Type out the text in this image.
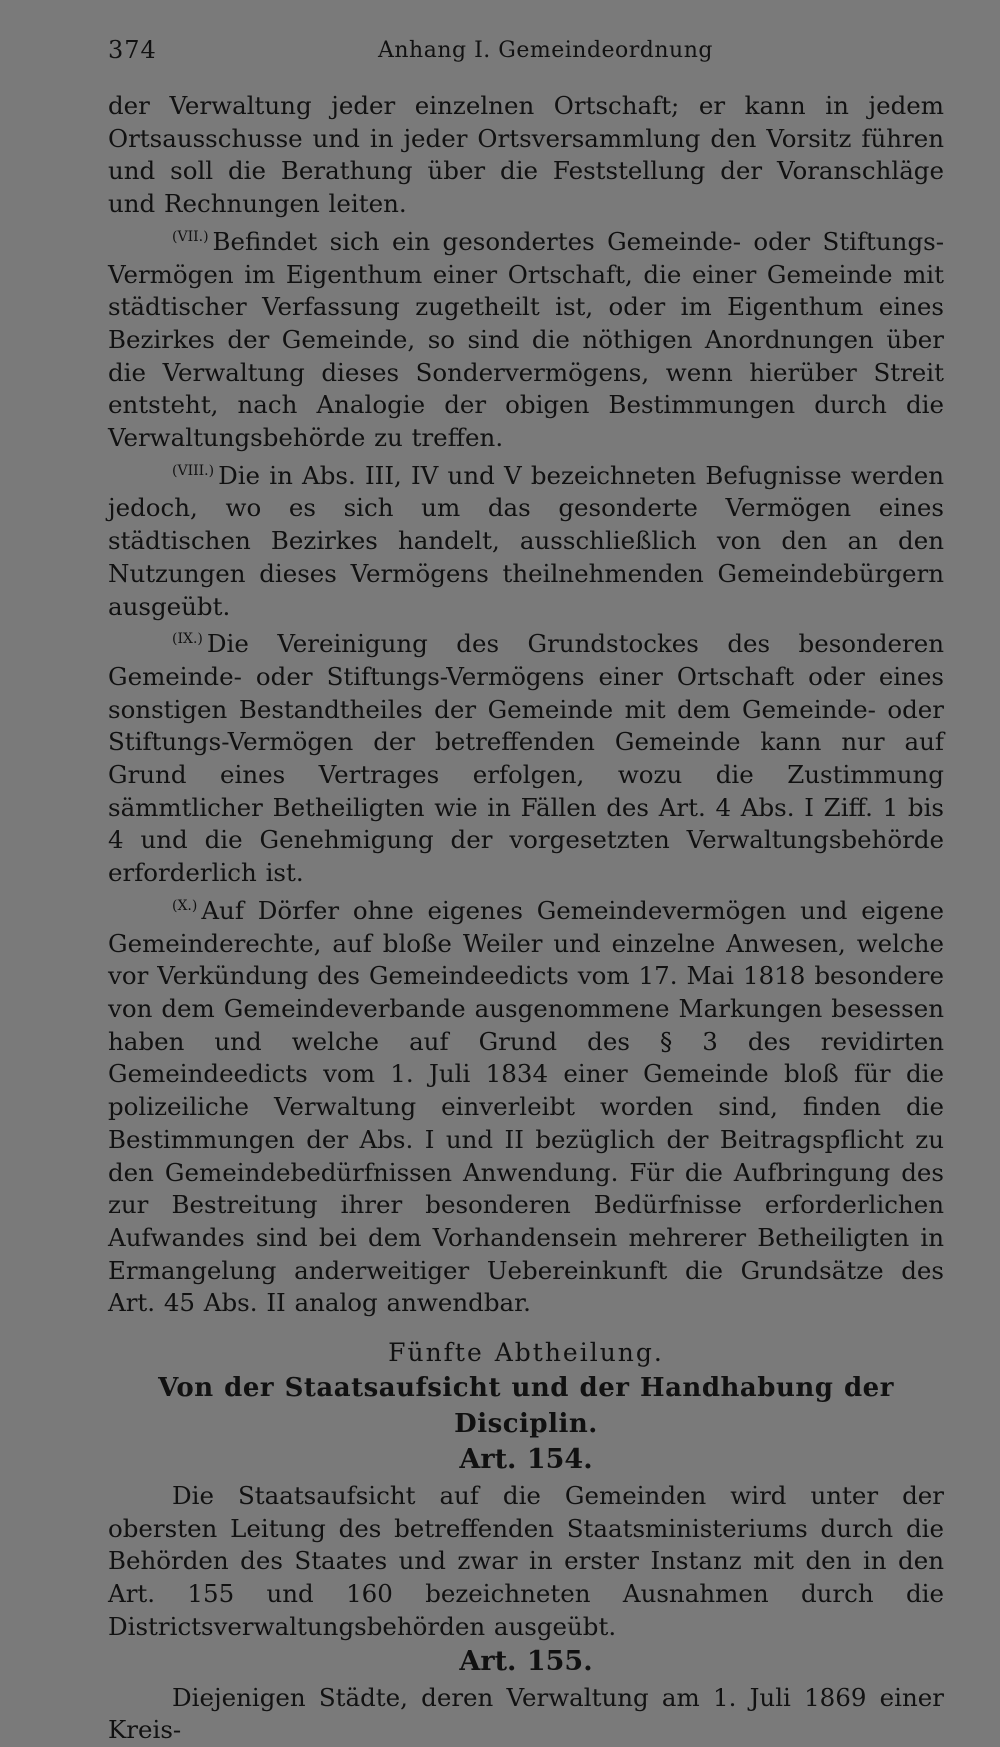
374	Anhang I. Gemeindeordnung

der Verwaltung jeder einzelnen Ortschaft; er kann in jedem Ortsausschusse und in jeder Ortsversammlung den Vorsitz führen und soll die Berathung über die Feststellung der Voranschläge und Rechnungen leiten.

$^{(VII.)}$ Befindet sich ein gesondertes Gemeinde- oder Stiftungs-Vermögen im Eigenthum einer Ortschaft, die einer Gemeinde mit städtischer Verfassung zugetheilt ist, oder im Eigenthum eines Bezirkes der Gemeinde, so sind die nöthigen Anordnungen über die Verwaltung dieses Sondervermögens, wenn hierüber Streit entsteht, nach Analogie der obigen Bestimmungen durch die Verwaltungsbehörde zu treffen.

$^{(VIII.)}$ Die in Abs. III, IV und V bezeichneten Befugnisse werden jedoch, wo es sich um das gesonderte Vermögen eines städtischen Bezirkes handelt, ausschließlich von den an den Nutzungen dieses Vermögens theilnehmenden Gemeindebürgern ausgeübt.

$^{(IX.)}$ Die Vereinigung des Grundstockes des besonderen Gemeinde- oder Stiftungs-Vermögens einer Ortschaft oder eines sonstigen Bestandtheiles der Gemeinde mit dem Gemeinde- oder Stiftungs-Vermögen der betreffenden Gemeinde kann nur auf Grund eines Vertrages erfolgen, wozu die Zustimmung sämmtlicher Betheiligten wie in Fällen des Art. 4 Abs. I Ziff. 1 bis 4 und die Genehmigung der vorgesetzten Verwaltungsbehörde erforderlich ist.

$^{(X.)}$ Auf Dörfer ohne eigenes Gemeindevermögen und eigene Gemeinderechte, auf bloße Weiler und einzelne Anwesen, welche vor Verkündung des Gemeindeedicts vom 17. Mai 1818 besondere von dem Gemeindeverbande ausgenommene Markungen besessen haben und welche auf Grund des § 3 des revidirten Gemeindeedicts vom 1. Juli 1834 einer Gemeinde bloß für die polizeiliche Verwaltung einverleibt worden sind, finden die Bestimmungen der Abs. I und II bezüglich der Beitragspflicht zu den Gemeindebedürfnissen Anwendung. Für die Aufbringung des zur Bestreitung ihrer besonderen Bedürfnisse erforderlichen Aufwandes sind bei dem Vorhandensein mehrerer Betheiligten in Ermangelung anderweitiger Uebereinkunft die Grundsätze des Art. 45 Abs. II analog anwendbar.

Fünfte Abtheilung.
Von der Staatsaufsicht und der Handhabung der Disciplin.
Art. 154.

Die Staatsaufsicht auf die Gemeinden wird unter der obersten Leitung des betreffenden Staatsministeriums durch die Behörden des Staates und zwar in erster Instanz mit den in den Art. 155 und 160 bezeichneten Ausnahmen durch die Districtsverwaltungsbehörden ausgeübt.

Art. 155.

Diejenigen Städte, deren Verwaltung am 1. Juli 1869 einer Kreis-
